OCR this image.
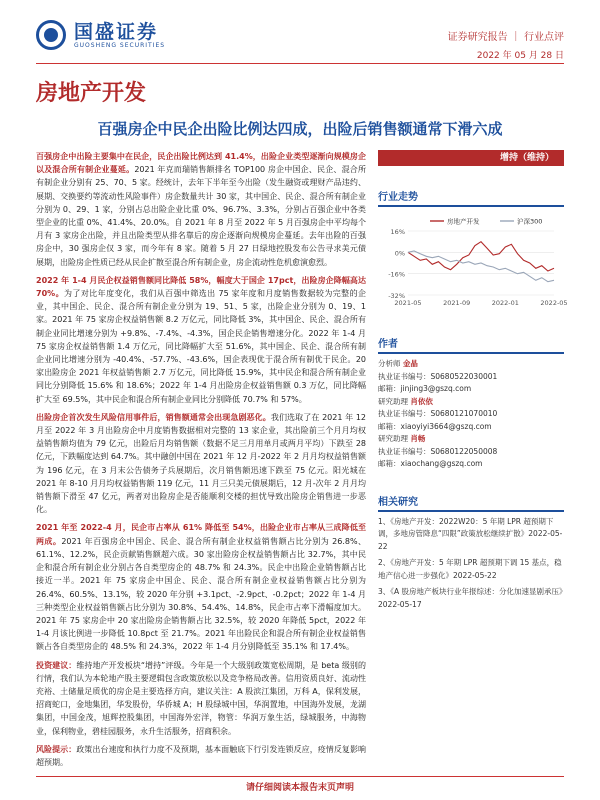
国盛证券
GUOSHENG SECURITIES
证券研究报告 ｜ 行业点评
2022 年 05 月 28 日
房地产开发
百强房企中民企出险比例达四成，出险后销售额通常下滑六成

百强房企中出险主要集中在民企，民企出险比例达到 41.4%，出险企业类型逐渐向规模房企以及混合所有制企业蔓延。2021 年克而瑞销售额排名 TOP100 房企中国企、民企、混合所有制企业分别有 25、70、5 家。经统计，去年下半年至今出险（发生融资或理财产品违约、展期、交换要约等流动性风险事件）房企数量共计 30 家，其中国企、民企、混合所有制企业分别为 0、29、1 家，分别占总出险企业比重 0%、96.7%、3.3%，分别占百强企业中各类型企业的比重 0%、41.4%、20.0%。自 2021 年 8 月至 2022 年 5 月百强房企中平均每个月有 3 家房企出险，并且出险类型从排名靠后的房企逐渐向规模房企蔓延。去年出险的百强房企中，30 强房企仅 3 家，而今年有 8 家。随着 5 月 27 日绿地控股发布公告寻求美元债展期，出险房企性质已经从民企扩散至混合所有制企业，房企流动性危机愈演愈烈。

2022 年 1-4 月民企权益销售额同比降低 58%，幅度大于国企 17pct，出险房企降幅高达 70%。为了对比年度变化，我们从百强中筛选出 75 家年度和月度销售数据较为完整的企业，其中国企、民企、混合所有制企业分别为 19、51、5 家，出险企业分别为 0、19、1 家。2021 年 75 家房企权益销售额 8.2 万亿元，同比降低 3%，其中国企、民企、混合所有制企业同比增速分别为 +9.8%、-7.4%、-4.3%，国企民企销售增速分化。2022 年 1-4 月 75 家房企权益销售额 1.4 万亿元，同比降幅扩大至 51.6%，其中国企、民企、混合所有制企业同比增速分别为 -40.4%、-57.7%、-43.6%，国企表现优于混合所有制优于民企。20 家出险房企 2021 年权益销售额 2.7 万亿元，同比降低 15.9%，其中民企和混合所有制企业同比分别降低 15.6% 和 18.6%；2022 年 1-4 月出险房企权益销售额 0.3 万亿，同比降幅扩大至 69.5%，其中民企和混合所有制企业同比分别降低 70.7% 和 57%。

出险房企首次发生风险信用事件后，销售额通常会出现急剧恶化。我们选取了在 2021 年 12 月至 2022 年 3 月出险房企中月度销售数据相对完整的 13 家企业，其出险前三个月月均权益销售额均值为 79 亿元，出险后月均销售额（数据不足三月用单月或两月平均）下跌至 28 亿元，下跌幅度达到 64.7%。其中融创中国在 2021 年 12 月-2022 年 2 月月均权益销售额为 196 亿元，在 3 月末公告债务子兵展期后，次月销售额迅速下跌至 75 亿元。阳光城在 2021 年 8-10 月月均权益销售额 119 亿元，11 月三只美元债展期后，12 月-次年 2 月月均销售额下滑至 47 亿元，两者对出险房企是否能顺利交楼的担忧导致出险房企销售进一步恶化。

2021 年至 2022-4 月，民企市占率从 61% 降低至 54%，出险企业市占率从三成降低至两成。2021 年百强房企中国企、民企、混合所有制企业权益销售额占比分别为 26.8%、61.1%、12.2%，民企贡献销售额超六成。30 家出险房企权益销售额占比 32.7%，其中民企和混合所有制企业分别占各自类型房企的 48.7% 和 24.3%。民企中出险企业销售额占比接近一半。2021 年 75 家房企中国企、民企、混合所有制企业权益销售额占比分别为 26.4%、60.5%、13.1%，较 2020 年分别 +3.1pct、-2.9pct、-0.2pct；2022 年 1-4 月三种类型企业权益销售额占比分别为 30.8%、54.4%、14.8%，民企市占率下滑幅度加大。2021 年 75 家房企中 20 家出险房企销售额占比 32.5%，较 2020 年降低 5pct，2022 年 1-4 月该比例进一步降低 10.8pct 至 21.7%。2021 年出险民企和混合所有制企业权益销售额占各自类型房企的 48.5% 和 24.3%，2022 年 1-4 月分别降低至 35.1% 和 17.4%。

投资建议：维持地产开发板块“增持”评级。今年是一个大级别政策宽松周期，是 beta 级别的行情，我们认为本轮地产股主要逻辑包含政策放松以及竞争格局改善。信用资质良好、流动性充裕、土储量足质优的房企是主要选择方向，建议关注：A 股滨江集团，万科 A，保利发展，招商蛇口，金地集团，华发股份，华侨城 A；H 股绿城中国，华润置地，中国海外发展，龙湖集团，中国金茂，旭辉控股集团，中国海外宏洋，物管：华润万象生活，绿城服务，中海物业，保利物业，碧桂园服务，永升生活服务，招商积余。

风险提示：政策出台速度和执行力度不及预期，基本面触底下行引发连锁反应，疫情反复影响超预期。

增持（维持）
行业走势
16%
0%
-16%
-32%
2021-05	2021-09	2022-01	2022-05
房地产开发	沪深300
作者
分析师 金晶
执业证书编号：S0680522030001
邮箱：jinjing3@gszq.com
研究助理 肖依依
执业证书编号：S0680121070010
邮箱：xiaoyiyi3664@gszq.com
研究助理 肖畅
执业证书编号：S0680122050008
邮箱：xiaochang@gszq.com
相关研究
1、《房地产开发：2022W20：5 年期 LPR 超预期下调，多地房管降息“四限”政策放松继续扩散》2022-05-22
2、《房地产开发：5 年期 LPR 超预期下调 15 基点，稳地产信心进一步强化》2022-05-22
3、《A 股房地产板块行业年报综述：分化加速显剧承压》2022-05-17
请仔细阅读本报告末页声明
